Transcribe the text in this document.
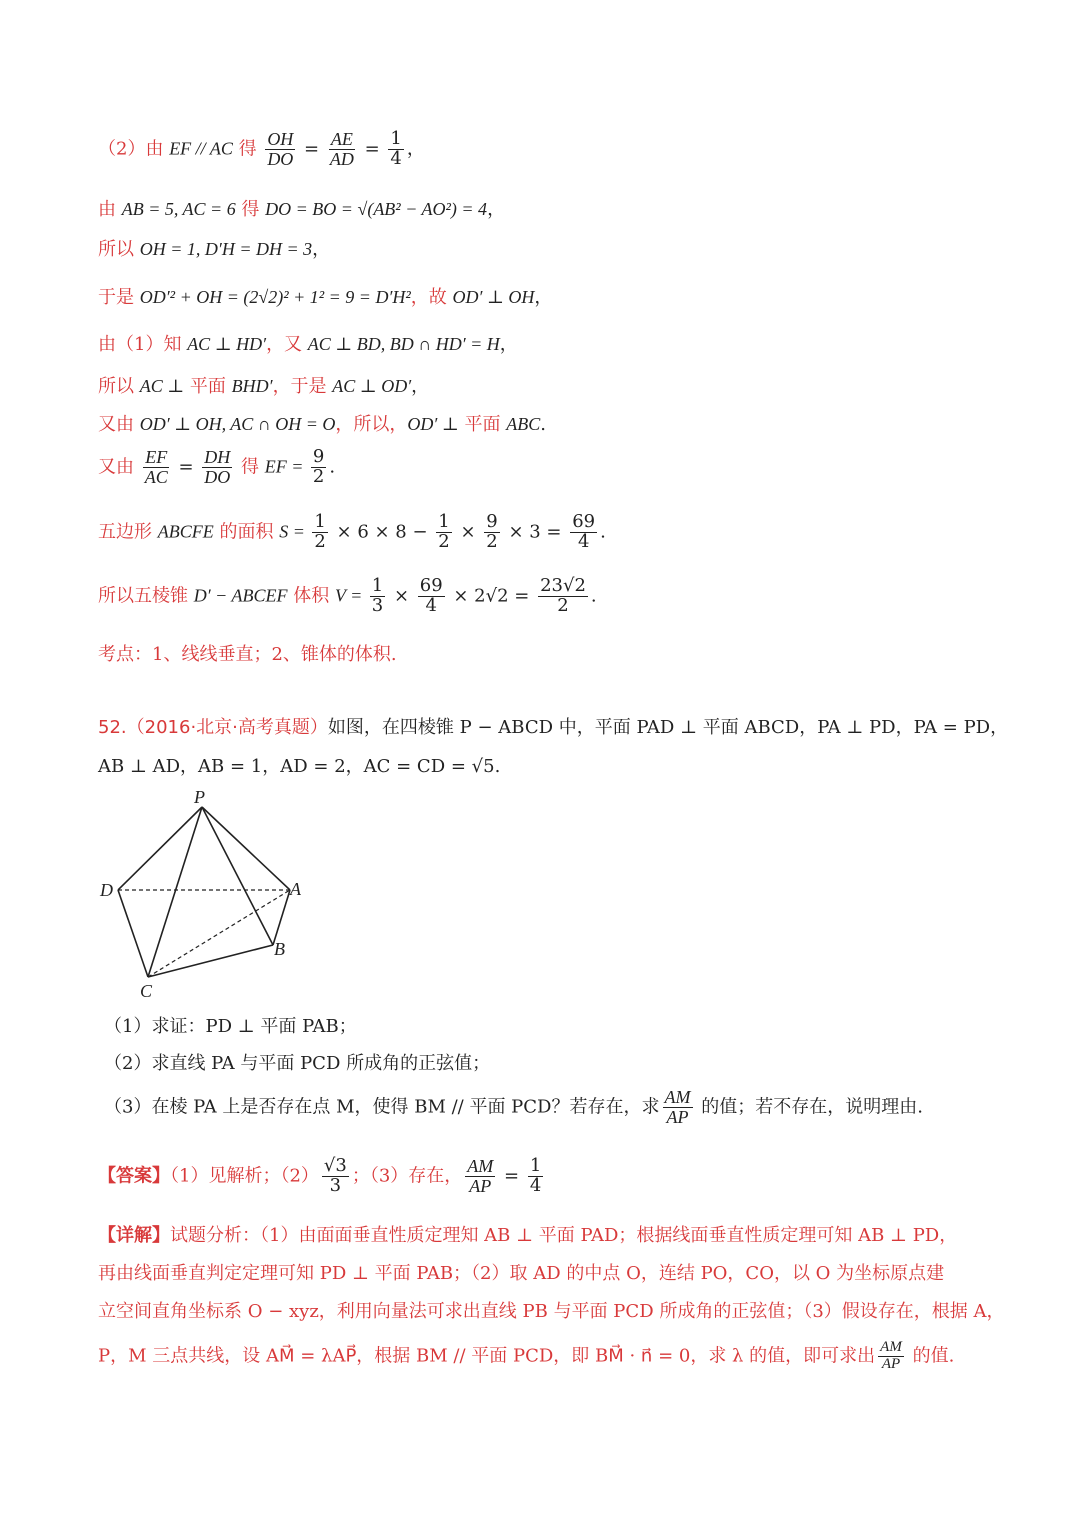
（2）由 EF // AC 得 $\frac{OH}{DO} = \frac{AE}{AD} = \frac{1}{4}$ ，
由 AB = 5, AC = 6 得 DO = BO = √(AB² − AO²) = 4，
所以 OH = 1, D′H = DH = 3，
于是 OD′² + OH = (2√2)² + 1² = 9 = D′H²，故 OD′ ⊥ OH，
由（1）知 AC ⊥ HD′，又 AC ⊥ BD, BD ∩ HD′ = H，
所以 AC ⊥ 平面 BHD′，于是 AC ⊥ OD′，
又由 OD′ ⊥ OH, AC ∩ OH = O，所以，OD′ ⊥ 平面 ABC.
又由 $\frac{EF}{AC} = \frac{DH}{DO}$ 得 EF = $\frac{9}{2}$ .
五边形 ABCFE 的面积 $S = \frac{1}{2} \times 6 \times 8 - \frac{1}{2} \times \frac{9}{2} \times 3 = \frac{69}{4}$ .
所以五棱锥 D′ − ABCEF 体积 $V = \frac{1}{3} \times \frac{69}{4} \times 2√2 = \frac{23√2}{2}$ .
考点：1、线线垂直；2、锥体的体积.
52.（2016·北京·高考真题）如图，在四棱锥 P − ABCD 中，平面 PAD ⊥ 平面 ABCD，PA ⊥ PD，PA = PD，
AB ⊥ AD，AB = 1，AD = 2，AC = CD = √5.
P
D	A
B
C
（1）求证：PD ⊥ 平面 PAB；
（2）求直线 PA 与平面 PCD 所成角的正弦值；
（3）在棱 PA 上是否存在点 M，使得 BM // 平面 PCD？若存在，求 $\frac{AM}{AP}$ 的值；若不存在，说明理由.
【答案】（1）见解析；$(2) \frac{√3}{3}$ ；（3）存在， $\frac{AM}{AP} = \frac{1}{4}$
【详解】试题分析：（1）由面面垂直性质定理知 AB ⊥ 平面 PAD；根据线面垂直性质定理可知 AB ⊥ PD，
再由线面垂直判定定理可知 PD ⊥ 平面 PAB；（2）取 AD 的中点 O，连结 PO，CO，以 O 为坐标原点建
立空间直角坐标系 O − xyz，利用向量法可求出直线 PB 与平面 PCD 所成角的正弦值；（3）假设存在，根据 A，
P，M 三点共线，设 AM⃗ = λAP⃗，根据 BM // 平面 PCD，即 BM⃗ · n⃗ = 0，求 λ 的值，即可求出 $\frac{AM}{AP}$ 的值.
